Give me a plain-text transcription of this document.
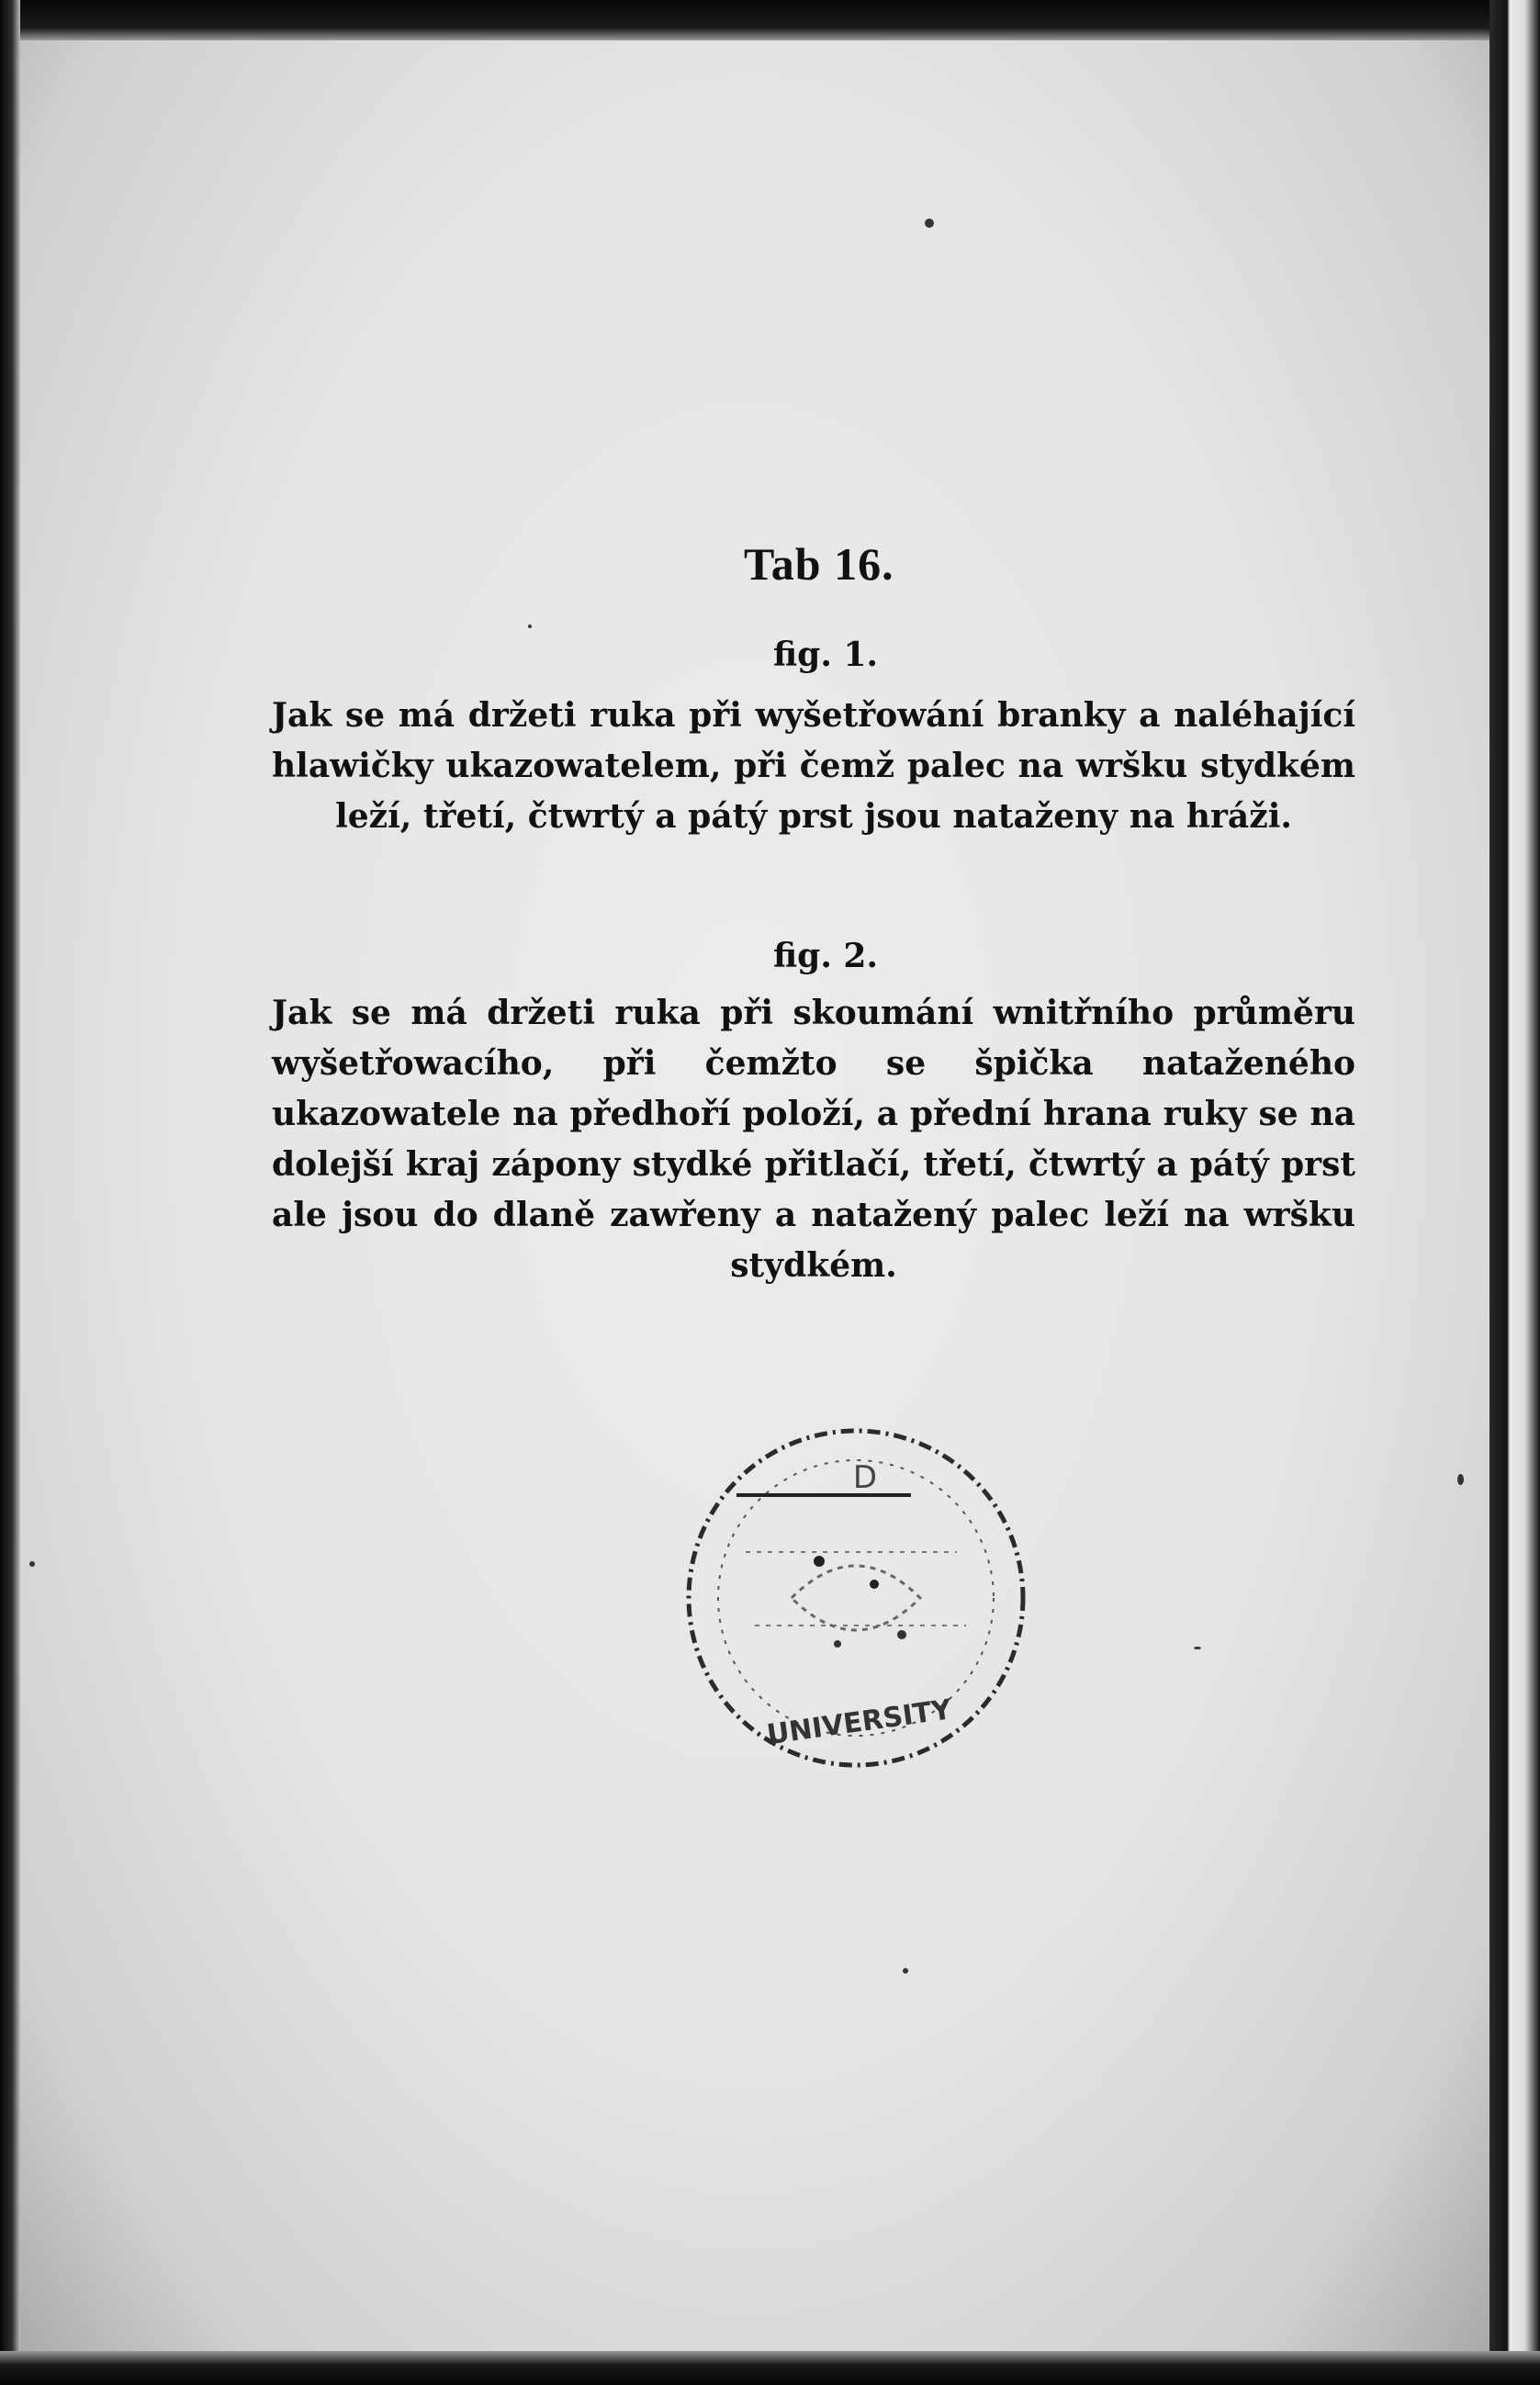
Tab 16.
fig. 1.
Jak se má držeti ruka při wyšetřowání branky a naléhající hlawičky ukazowatelem, při čemž palec na wršku stydkém leží, třetí, čtwrtý a pátý prst jsou nataženy na hráži.
fig. 2.
Jak se má držeti ruka při skoumání wnitřního průměru wyšetřowacího, při čemžto se špička nataženého ukazowatele na předhoří položí, a přední hrana ruky se na dolejší kraj zápony stydké přitlačí, třetí, čtwrtý a pátý prst ale jsou do dlaně zawřeny a natažený palec leží na wršku stydkém.
D
UNIVERSITY
